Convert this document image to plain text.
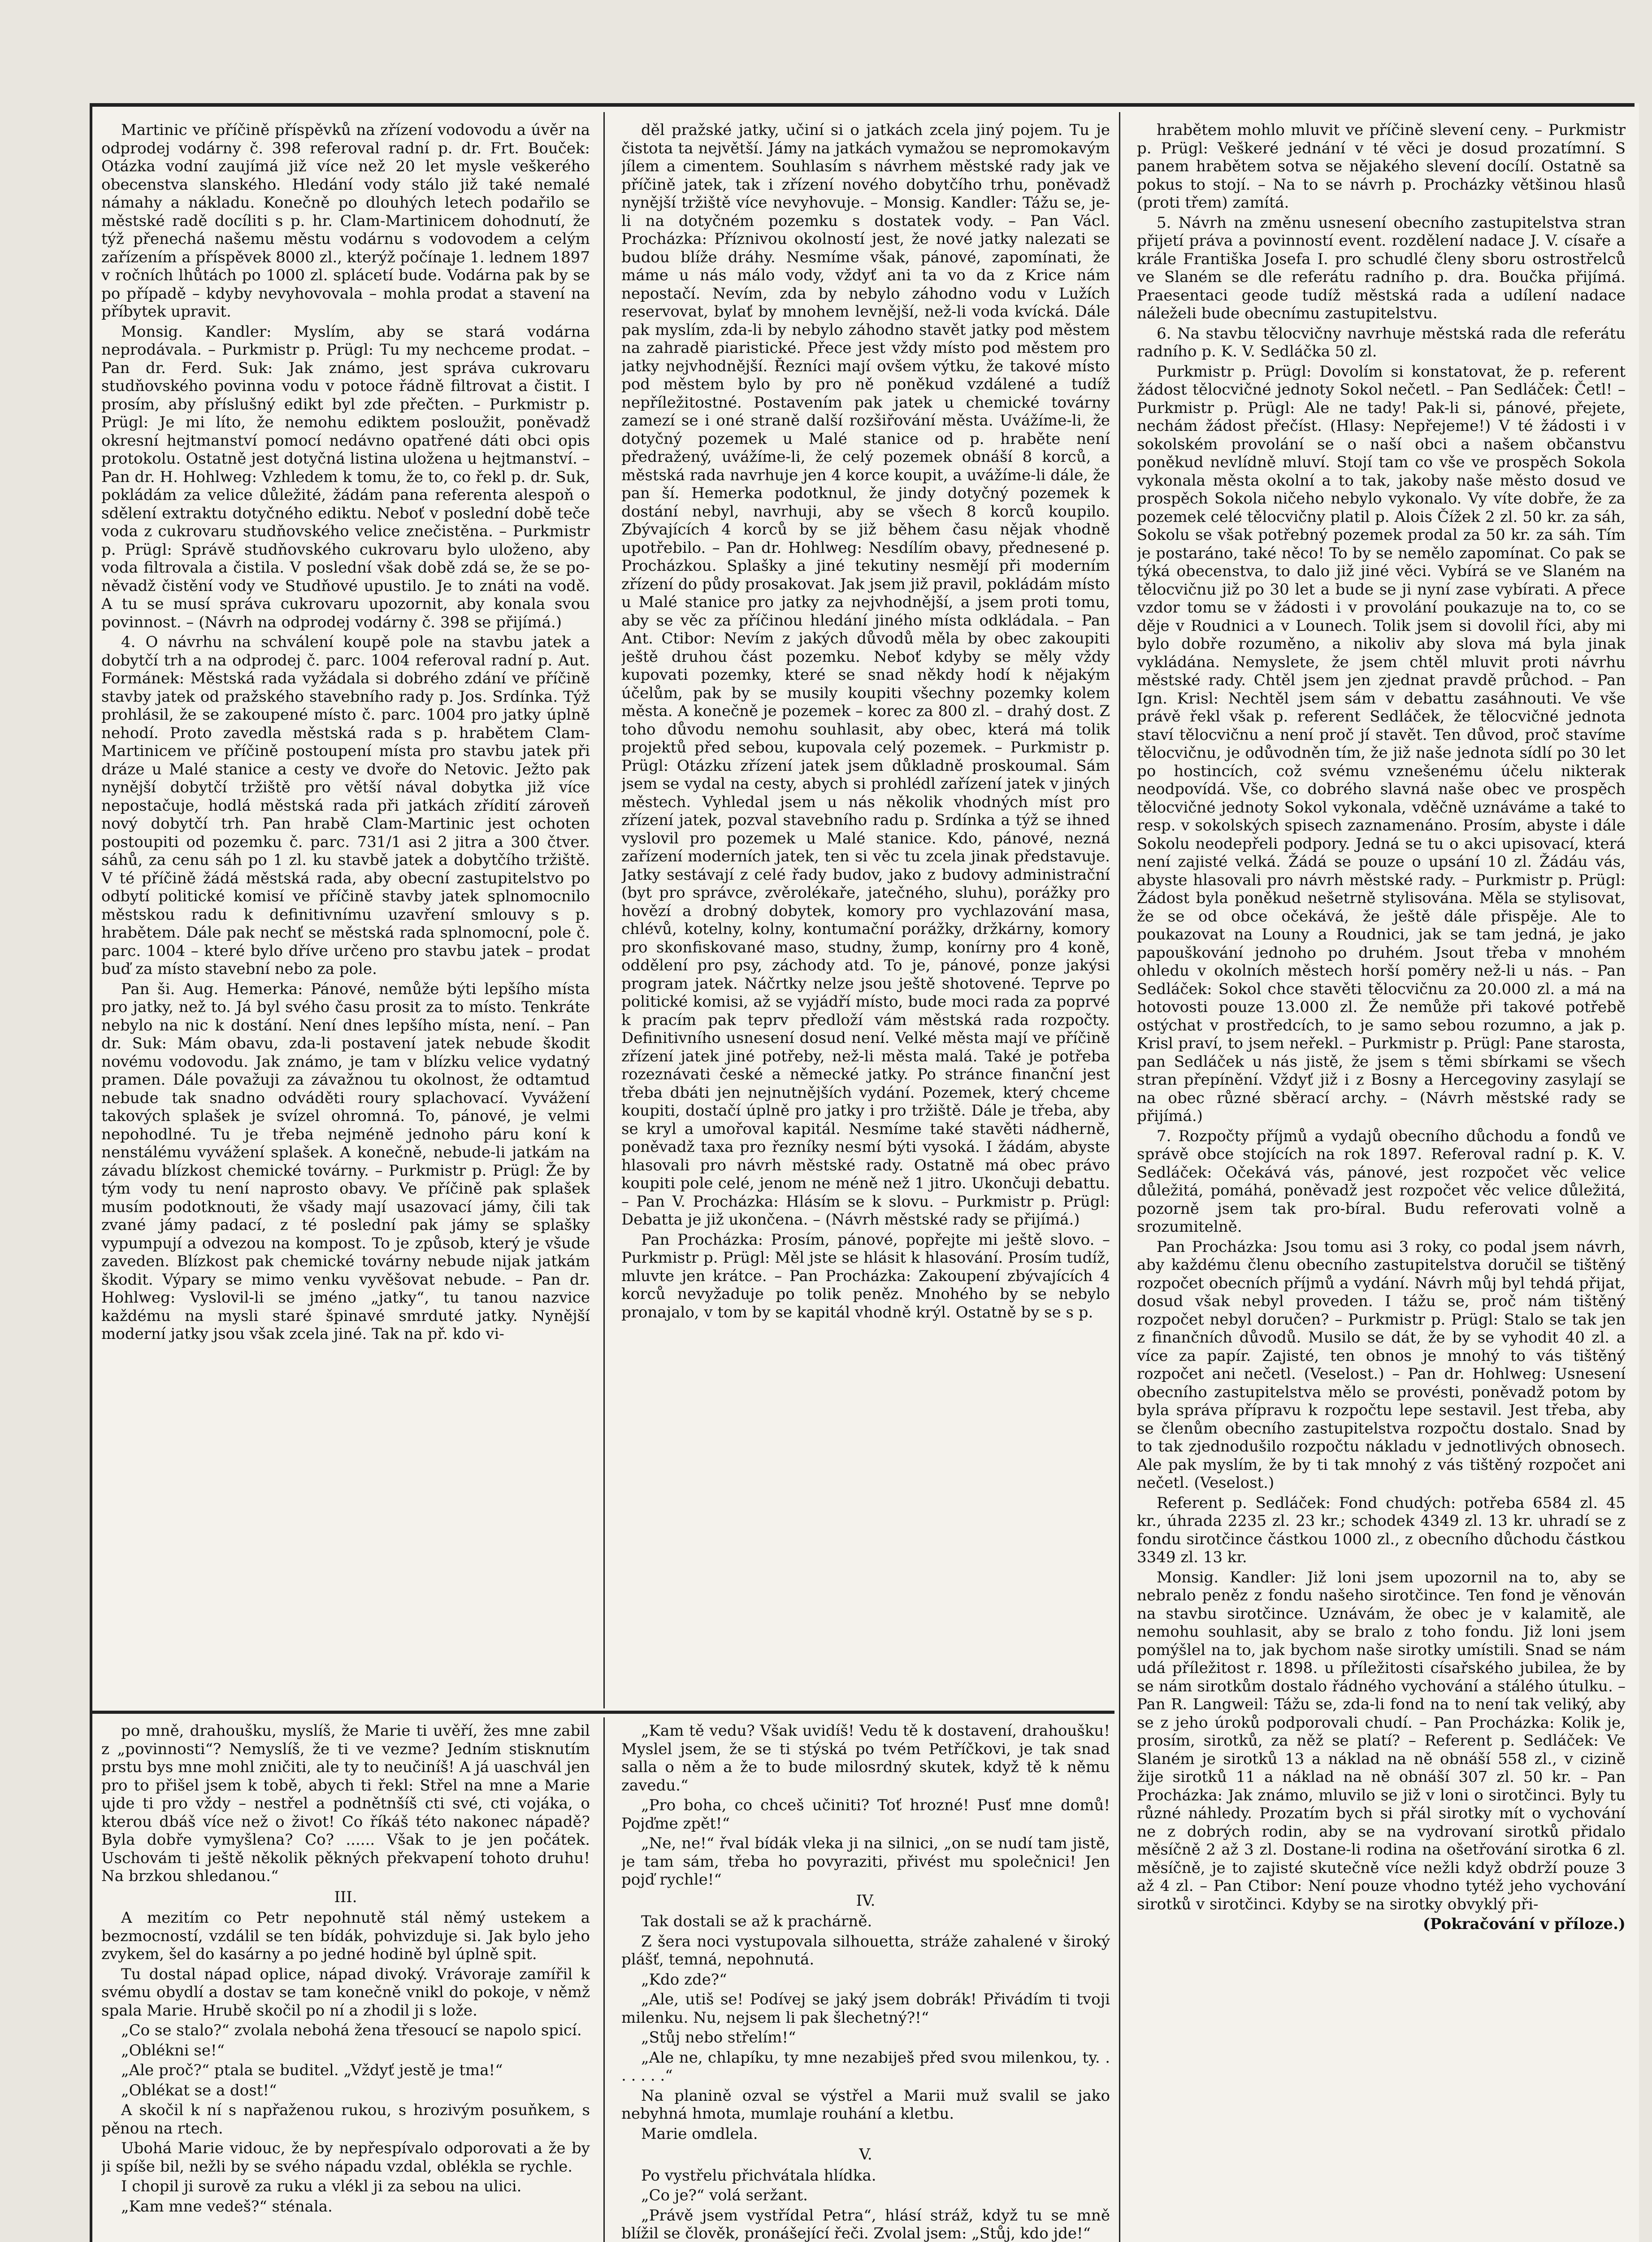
Martinic ve příčině příspěvků na zřízení vodovodu a úvěr na odprodej vodárny č. 398 referoval radní p. dr. Frt. Bouček: Otázka vodní zaujímá již více než 20 let mysle veškerého obecenstva slanského. Hledání vody stálo již také nemalé námahy a nákladu. Konečně po dlouhých letech podařilo se městské radě docíliti s p. hr. Clam-Martinicem dohodnutí, že týž přenechá našemu městu vodárnu s vodovodem a celým zařízením a příspěvek 8000 zl., kterýž počínaje 1. lednem 1897 v ročních lhůtách po 1000 zl. splácetí bude. Vodárna pak by se po případě – kdyby nevyhovovala – mohla prodat a stavení na příbytek upravit.

Monsig. Kandler: Myslím, aby se stará vodárna neprodávala. – Purkmistr p. Prügl: Tu my nechceme prodat. – Pan dr. Ferd. Suk: Jak známo, jest správa cukrovaru studňovského povinna vodu v potoce řádně filtrovat a čistit. I prosím, aby příslušný edikt byl zde přečten. – Purkmistr p. Prügl: Je mi líto, že nemohu ediktem posloužit, poněvadž okresní hejtmanství pomocí nedávno opatřené dáti obci opis protokolu. Ostatně jest dotyčná listina uložena u hejtmanství. – Pan dr. H. Hohlweg: Vzhledem k tomu, že to, co řekl p. dr. Suk, pokládám za velice důležité, žádám pana referenta alespoň o sdělení extraktu dotyčného ediktu. Neboť v poslední době teče voda z cukrovaru studňovského velice znečistěna. – Purkmistr p. Prügl: Správě studňovského cukrovaru bylo uloženo, aby voda filtrovala a čistila. V poslední však době zdá se, že se po-něvadž čistění vody ve Studňové upustilo. Je to znáti na vodě. A tu se musí správa cukrovaru upozornit, aby konala svou povinnost. – (Návrh na odprodej vodárny č. 398 se přijímá.)

4. O návrhu na schválení koupě pole na stavbu jatek a dobytčí trh a na odprodej č. parc. 1004 referoval radní p. Aut. Formánek: Městská rada vyžádala si dobrého zdání ve příčině stavby jatek od pražského stavebního rady p. Jos. Srdínka. Týž prohlásil, že se zakoupené místo č. parc. 1004 pro jatky úplně nehodí. Proto zavedla městská rada s p. hrabětem Clam-Martinicem ve příčině postoupení místa pro stavbu jatek při dráze u Malé stanice a cesty ve dvoře do Netovic. Ježto pak nynější dobytčí tržiště pro větší nával dobytka již více nepostačuje, hodlá městská rada při jatkách zřídití zároveň nový dobytčí trh. Pan hrabě Clam-Martinic jest ochoten postoupiti od pozemku č. parc. 731/1 asi 2 jitra a 300 čtver. sáhů, za cenu sáh po 1 zl. ku stavbě jatek a dobytčího tržiště. V té příčině žádá městská rada, aby obecní zastupitelstvo po odbytí politické komisí ve příčině stavby jatek splnomocnilo městskou radu k definitivnímu uzavření smlouvy s p. hrabětem. Dále pak nechť se městská rada splnomocní, pole č. parc. 1004 – které bylo dříve určeno pro stavbu jatek – prodat buď za místo stavební nebo za pole.

Pan ši. Aug. Hemerka: Pánové, nemůže býti lepšího místa pro jatky, než to. Já byl svého času prosit za to místo. Tenkráte nebylo na nic k dostání. Není dnes lepšího místa, není. – Pan dr. Suk: Mám obavu, zda-li postavení jatek nebude škodit novému vodovodu. Jak známo, je tam v blízku velice vydatný pramen. Dále považuji za závažnou tu okolnost, že odtamtud nebude tak snadno odváděti roury splachovací. Vyvážení takových splašek je svízel ohromná. To, pánové, je velmi nepohodlné. Tu je třeba nejméně jednoho páru koní k nenstálému vyvážení splašek. A konečně, nebude-li jatkám na závadu blízkost chemické továrny. – Purkmistr p. Prügl: Že by tým vody tu není naprosto obavy. Ve příčině pak splašek musím podotknouti, že všady mají usazovací jámy, čili tak zvané jámy padací, z té poslední pak jámy se splašky vypumpují a odvezou na kompost. To je způsob, který je všude zaveden. Blízkost pak chemické továrny nebude nijak jatkám škodit. Výpary se mimo venku vyvěšovat nebude. – Pan dr. Hohlweg: Vyslovil-li se jméno „jatky“, tu tanou nazvice každému na mysli staré špinavé smrduté jatky. Nynější moderní jatky jsou však zcela jiné. Tak na př. kdo vi-

děl pražské jatky, učiní si o jatkách zcela jiný pojem. Tu je čistota ta největší. Jámy na jatkách vymažou se nepromokavým jílem a cimentem. Souhlasím s návrhem městské rady jak ve příčině jatek, tak i zřízení nového dobytčího trhu, poněvadž nynější tržiště více nevyhovuje. – Monsig. Kandler: Tážu se, je-li na dotyčném pozemku s dostatek vody. – Pan Václ. Procházka: Příznivou okolností jest, že nové jatky nalezati se budou blíže dráhy. Nesmíme však, pánové, zapomínati, že máme u nás málo vody, vždyť ani ta vo da z Krice nám nepostačí. Nevím, zda by nebylo záhodno vodu v Lužích reservovat, bylať by mnohem levnější, než-li voda kvícká. Dále pak myslím, zda-li by nebylo záhodno stavět jatky pod městem na zahradě piaristické. Přece jest vždy místo pod městem pro jatky nejvhodnější. Řezníci mají ovšem výtku, že takové místo pod městem bylo by pro ně poněkud vzdálené a tudíž nepříležitostné. Postavením pak jatek u chemické továrny zamezí se i oné straně další rozšiřování města. Uvážíme-li, že dotyčný pozemek u Malé stanice od p. hraběte není předražený, uvážíme-li, že celý pozemek obnáší 8 korců, a městská rada navrhuje jen 4 korce koupit, a uvážíme-li dále, že pan ší. Hemerka podotknul, že jindy dotyčný pozemek k dostání nebyl, navrhuji, aby se všech 8 korců koupilo. Zbývajících 4 korců by se již během času nějak vhodně upotřebilo. – Pan dr. Hohlweg: Nesdílím obavy, přednesené p. Procházkou. Splašky a jiné tekutiny nesmějí při moderním zřízení do půdy prosakovat. Jak jsem již pravil, pokládám místo u Malé stanice pro jatky za nejvhodnější, a jsem proti tomu, aby se věc za příčinou hledání jiného místa odkládala. – Pan Ant. Ctibor: Nevím z jakých důvodů měla by obec zakoupiti ještě druhou část pozemku. Neboť kdyby se měly vždy kupovati pozemky, které se snad někdy hodí k nějakým účelům, pak by se musily koupiti všechny pozemky kolem města. A konečně je pozemek – korec za 800 zl. – drahý dost. Z toho důvodu nemohu souhlasit, aby obec, která má tolik projektů před sebou, kupovala celý pozemek. – Purkmistr p. Prügl: Otázku zřízení jatek jsem důkladně proskoumal. Sám jsem se vydal na cesty, abych si prohlédl zařízení jatek v jiných městech. Vyhledal jsem u nás několik vhodných míst pro zřízení jatek, pozval stavebního radu p. Srdínka a týž se ihned vyslovil pro pozemek u Malé stanice. Kdo, pánové, nezná zařízení moderních jatek, ten si věc tu zcela jinak představuje. Jatky sestávají z celé řady budov, jako z budovy administrační (byt pro správce, zvěrolékaře, jatečného, sluhu), porážky pro hovězí a drobný dobytek, komory pro vychlazování masa, chlévů, kotelny, kolny, kontumační porážky, držkárny, komory pro skonfiskované maso, studny, žump, konírny pro 4 koně, oddělení pro psy, záchody atd. To je, pánové, ponze jakýsi program jatek. Náčrtky nelze jsou ještě shotovené. Teprve po politické komisi, až se vyjádří místo, bude moci rada za poprvé k pracím pak teprv předloží vám městská rada rozpočty. Definitivního usnesení dosud není. Velké města mají ve příčině zřízení jatek jiné potřeby, než-li města malá. Také je potřeba rozeznávati české a německé jatky. Po stránce finanční jest třeba dbáti jen nejnutnějších vydání. Pozemek, který chceme koupiti, dostačí úplně pro jatky i pro tržiště. Dále je třeba, aby se kryl a umořoval kapitál. Nesmíme také stavěti nádherně, poněvadž taxa pro řezníky nesmí býti vysoká. I žádám, abyste hlasovali pro návrh městské rady. Ostatně má obec právo koupiti pole celé, jenom ne méně než 1 jitro. Ukončuji debattu. – Pan V. Procházka: Hlásím se k slovu. – Purkmistr p. Prügl: Debatta je již ukončena. – (Návrh městské rady se přijímá.)

Pan Procházka: Prosím, pánové, popřejte mi ještě slovo. – Purkmistr p. Prügl: Měl jste se hlásit k hlasování. Prosím tudíž, mluvte jen krátce. – Pan Procházka: Zakoupení zbývajících 4 korců nevyžaduje po tolik peněz. Mnohého by se nebylo pronajalo, v tom by se kapitál vhodně krýl. Ostatně by se s p.

hrabětem mohlo mluvit ve příčině slevení ceny. – Purkmistr p. Prügl: Veškeré jednání v té věci je dosud prozatímní. S panem hrabětem sotva se nějakého slevení docílí. Ostatně sa pokus to stojí. – Na to se návrh p. Procházky většinou hlasů (proti třem) zamítá.

5. Návrh na změnu usnesení obecního zastupitelstva stran přijetí práva a povinností event. rozdělení nadace J. V. císaře a krále Františka Josefa I. pro schudlé členy sboru ostrostřelců ve Slaném se dle referátu radního p. dra. Boučka přijímá. Praesentaci geode tudíž městská rada a udílení nadace náleželi bude obecnímu zastupitelstvu.

6. Na stavbu tělocvičny navrhuje městská rada dle referátu radního p. K. V. Sedláčka 50 zl.

Purkmistr p. Prügl: Dovolím si konstatovat, že p. referent žádost tělocvičné jednoty Sokol nečetl. – Pan Sedláček: Četl! – Purkmistr p. Prügl: Ale ne tady! Pak-li si, pánové, přejete, nechám žádost přečíst. (Hlasy: Nepřejeme!) V té žádosti i v sokolském provolání se o naší obci a našem občanstvu poněkud nevlídně mluví. Stojí tam co vše ve prospěch Sokola vykonala města okolní a to tak, jakoby naše město dosud ve prospěch Sokola ničeho nebylo vykonalo. Vy víte dobře, že za pozemek celé tělocvičny platil p. Alois Čížek 2 zl. 50 kr. za sáh, Sokolu se však potřebný pozemek prodal za 50 kr. za sáh. Tím je postaráno, také něco! To by se nemělo zapomínat. Co pak se týká obecenstva, to dalo již jiné věci. Vybírá se ve Slaném na tělocvičnu již po 30 let a bude se ji nyní zase vybírati. A přece vzdor tomu se v žádosti i v provolání poukazuje na to, co se děje v Roudnici a v Lounech. Tolik jsem si dovolil říci, aby mi bylo dobře rozuměno, a nikoliv aby slova má byla jinak vykládána. Nemyslete, že jsem chtěl mluvit proti návrhu městské rady. Chtěl jsem jen zjednat pravdě průchod. – Pan Ign. Krisl: Nechtěl jsem sám v debattu zasáhnouti. Ve vše právě řekl však p. referent Sedláček, že tělocvičné jednota staví tělocvičnu a není proč jí stavět. Ten důvod, proč stavíme tělocvičnu, je odůvodněn tím, že již naše jednota sídlí po 30 let po hostincích, což svému vznešenému účelu nikterak neodpovídá. Vše, co dobrého slavná naše obec ve prospěch tělocvičné jednoty Sokol vykonala, vděčně uznáváme a také to resp. v sokolských spisech zaznamenáno. Prosím, abyste i dále Sokolu neodepřeli podpory. Jedná se tu o akci upisovací, která není zajisté velká. Žádá se pouze o upsání 10 zl. Žádáu vás, abyste hlasovali pro návrh městské rady. – Purkmistr p. Prügl: Žádost byla poněkud nešetrně stylisována. Měla se stylisovat, že se od obce očekává, že ještě dále přispěje. Ale to poukazovat na Louny a Roudnici, jak se tam jedná, je jako papouškování jednoho po druhém. Jsout třeba v mnohém ohledu v okolních městech horší poměry než-li u nás. – Pan Sedláček: Sokol chce stavěti tělocvičnu za 20.000 zl. a má na hotovosti pouze 13.000 zl. Že nemůže při takové potřebě ostýchat v prostředcích, to je samo sebou rozumno, a jak p. Krisl praví, to jsem neřekl. – Purkmistr p. Prügl: Pane starosta, pan Sedláček u nás jistě, že jsem s těmi sbírkami se všech stran přepínění. Vždyť již i z Bosny a Hercegoviny zasylají se na obec různé sběrací archy. – (Návrh městské rady se přijímá.)

7. Rozpočty příjmů a vydajů obecního důchodu a fondů ve správě obce stojících na rok 1897. Referoval radní p. K. V. Sedláček: Očekává vás, pánové, jest rozpočet věc velice důležitá, pomáhá, poněvadž jest rozpočet věc velice důležitá, pozorně jsem tak pro-bíral. Budu referovati volně a srozumitelně.

Pan Procházka: Jsou tomu asi 3 roky, co podal jsem návrh, aby každému členu obecního zastupitelstva doručil se tištěný rozpočet obecních příjmů a vydání. Návrh můj byl tehdá přijat, dosud však nebyl proveden. I tážu se, proč nám tištěný rozpočet nebyl doručen? – Purkmistr p. Prügl: Stalo se tak jen z finančních důvodů. Musilo se dát, že by se vyhodit 40 zl. a více za papír. Zajisté, ten obnos je mnohý to vás tištěný rozpočet ani nečetl. (Veselost.) – Pan dr. Hohlweg: Usnesení obecního zastupitelstva mělo se provésti, poněvadž potom by byla správa přípravu k rozpočtu lepe sestavil. Jest třeba, aby se členům obecního zastupitelstva rozpočtu dostalo. Snad by to tak zjednodušilo rozpočtu nákladu v jednotlivých obnosech. Ale pak myslím, že by ti tak mnohý z vás tištěný rozpočet ani nečetl. (Veselost.)

Referent p. Sedláček: Fond chudých: potřeba 6584 zl. 45 kr., úhrada 2235 zl. 23 kr.; schodek 4349 zl. 13 kr. uhradí se z fondu sirotčince částkou 1000 zl., z obecního důchodu částkou 3349 zl. 13 kr.

Monsig. Kandler: Již loni jsem upozornil na to, aby se nebralo peněz z fondu našeho sirotčince. Ten fond je věnován na stavbu sirotčince. Uznávám, že obec je v kalamitě, ale nemohu souhlasit, aby se bralo z toho fondu. Již loni jsem pomýšlel na to, jak bychom naše sirotky umístili. Snad se nám udá příležitost r. 1898. u příležitosti císařského jubilea, že by se nám sirotkům dostalo řádného vychování a stálého útulku. – Pan R. Langweil: Tážu se, zda-li fond na to není tak veliký, aby se z jeho úroků podporovali chudí. – Pan Procházka: Kolik je, prosím, sirotků, za něž se platí? – Referent p. Sedláček: Ve Slaném je sirotků 13 a náklad na ně obnáší 558 zl., v cizině žije sirotků 11 a náklad na ně obnáší 307 zl. 50 kr. – Pan Procházka: Jak známo, mluvilo se již v loni o sirotčinci. Byly tu různé náhledy. Prozatím bych si přál sirotky mít o vychování ne z dobrých rodin, aby se na vydrovaní sirotků přidalo měsíčně 2 až 3 zl. Dostane-li rodina na ošetřování sirotka 6 zl. měsíčně, je to zajisté skutečně více nežli když obdrží pouze 3 až 4 zl. – Pan Ctibor: Není pouze vhodno tytéž jeho vychování sirotků v sirotčinci. Kdyby se na sirotky obvyklý při-

(Pokračování v příloze.)

po mně, drahoušku, myslíš, že Marie ti uvěří, žes mne zabil z „povinnosti“? Nemyslíš, že ti ve vezme? Jedním stisknutím prstu bys mne mohl zničiti, ale ty to neučiníš! A já uaschvál jen pro to přišel jsem k tobě, abych ti řekl: Střel na mne a Marie ujde ti pro vždy – nestřel a podnětnšíš cti své, cti vojáka, o kterou dbáš více než o život! Co říkáš této nakonec nápadě? Byla dobře vymyšlena? Co? ...... Však to je jen počátek. Uschovám ti ještě několik pěkných překvapení tohoto druhu! Na brzkou shledanou.“

III.

A mezitím co Petr nepohnutě stál němý ustekem a bezmocností, vzdálil se ten bídák, pohvizduje si. Jak bylo jeho zvykem, šel do kasárny a po jedné hodině byl úplně spit.

Tu dostal nápad oplice, nápad divoký. Vrávoraje zamířil k svému obydlí a dostav se tam konečně vnikl do pokoje, v němž spala Marie. Hrubě skočil po ní a zhodil ji s lože.

„Co se stalo?“ zvolala nebohá žena třesoucí se napolo spicí.

„Oblékni se!“

„Ale proč?“ ptala se buditel. „Vždyť jestě je tma!“

„Oblékat se a dost!“

A skočil k ní s napřaženou rukou, s hrozivým posuňkem, s pěnou na rtech.

Ubohá Marie vidouc, že by nepřespívalo odporovati a že by ji spíše bil, nežli by se svého nápadu vzdal, oblékla se rychle.

I chopil ji surově za ruku a vlékl ji za sebou na ulici.

„Kam mne vedeš?“ sténala.

„Kam tě vedu? Však uvidíš! Vedu tě k dostavení, drahoušku! Myslel jsem, že se ti stýská po tvém Petříčkovi, je tak snad salla o něm a že to bude milosrdný skutek, když tě k němu zavedu.“

„Pro boha, co chceš učiniti? Toť hrozné! Pusť mne domů! Pojďme zpět!“

„Ne, ne!“ řval bídák vleka ji na silnici, „on se nudí tam jistě, je tam sám, třeba ho povyraziti, přivést mu společnici! Jen pojď rychle!“

IV.

Tak dostali se až k prachárně.

Z šera noci vystupovala silhouetta, stráže zahalené v široký plášť, temná, nepohnutá.

„Kdo zde?“

„Ale, utiš se! Podívej se jaký jsem dobrák! Přivádím ti tvoji milenku. Nu, nejsem li pak šlechetný?!“

„Stůj nebo střelím!“

„Ale ne, chlapíku, ty mne nezabiješ před svou milenkou, ty. . . . . . .“

Na planině ozval se výstřel a Marii muž svalil se jako nebyhná hmota, mumlaje rouhání a kletbu.

Marie omdlela.

V.

Po vystřelu přichvátala hlídka.

„Co je?“ volá seržant.

„Právě jsem vystřídal Petra“, hlásí stráž, když tu se mně blížil se člověk, pronášející řeči. Zvolal jsem: „Stůj, kdo jde!“
